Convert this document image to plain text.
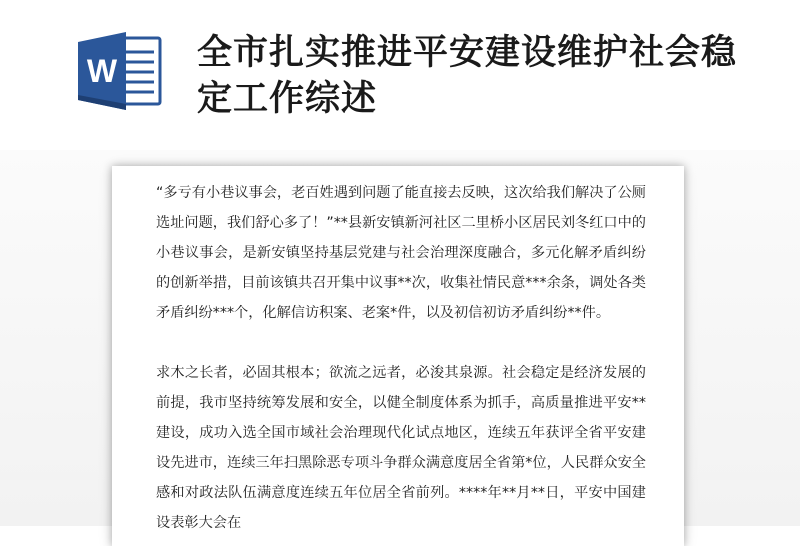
W 全市扎实推进平安建设维护社会稳定工作综述

“多亏有小巷议事会，老百姓遇到问题了能直接去反映，这次给我们解决了公厕选址问题，我们舒心多了！”**县新安镇新河社区二里桥小区居民刘冬红口中的小巷议事会，是新安镇坚持基层党建与社会治理深度融合，多元化解矛盾纠纷的创新举措，目前该镇共召开集中议事**次，收集社情民意***余条，调处各类矛盾纠纷***个，化解信访积案、老案*件，以及初信初访矛盾纠纷**件。

求木之长者，必固其根本；欲流之远者，必浚其泉源。社会稳定是经济发展的前提，我市坚持统筹发展和安全，以健全制度体系为抓手，高质量推进平安**建设，成功入选全国市域社会治理现代化试点地区，连续五年获评全省平安建设先进市，连续三年扫黑除恶专项斗争群众满意度居全省第*位，人民群众安全感和对政法队伍满意度连续五年位居全省前列。****年**月**日，平安中国建设表彰大会在
